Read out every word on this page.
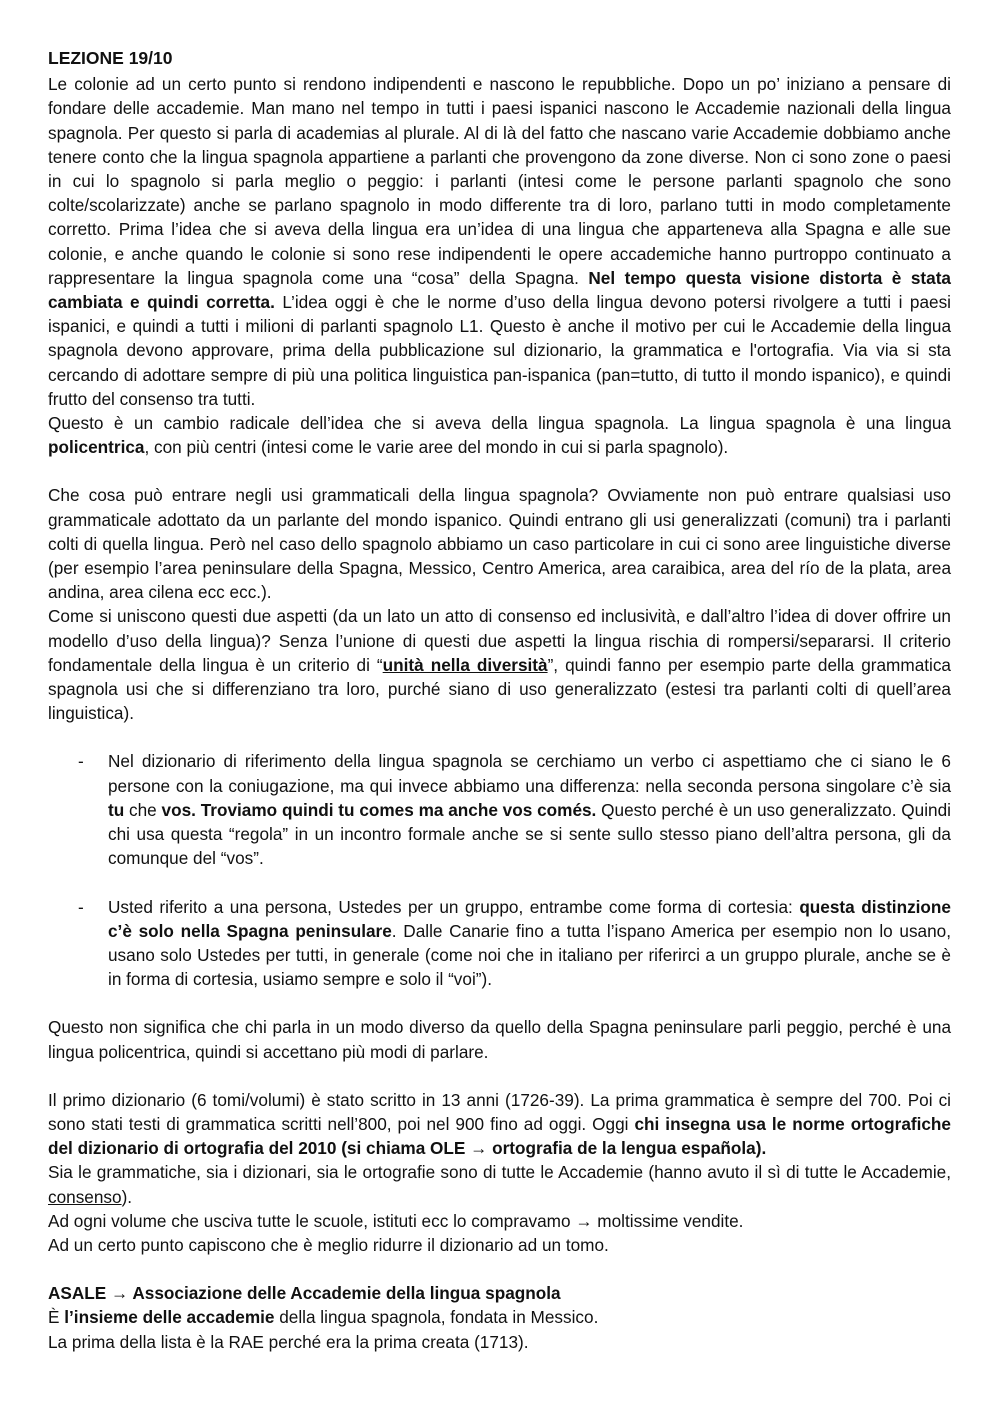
LEZIONE 19/10

Le colonie ad un certo punto si rendono indipendenti e nascono le repubbliche. Dopo un po’ iniziano a pensare di fondare delle accademie. Man mano nel tempo in tutti i paesi ispanici nascono le Accademie nazionali della lingua spagnola. Per questo si parla di academias al plurale. Al di là del fatto che nascano varie Accademie dobbiamo anche tenere conto che la lingua spagnola appartiene a parlanti che provengono da zone diverse. Non ci sono zone o paesi in cui lo spagnolo si parla meglio o peggio: i parlanti (intesi come le persone parlanti spagnolo che sono colte/scolarizzate) anche se parlano spagnolo in modo differente tra di loro, parlano tutti in modo completamente corretto. Prima l’idea che si aveva della lingua era un’idea di una lingua che apparteneva alla Spagna e alle sue colonie, e anche quando le colonie si sono rese indipendenti le opere accademiche hanno purtroppo continuato a rappresentare la lingua spagnola come una “cosa” della Spagna. Nel tempo questa visione distorta è stata cambiata e quindi corretta. L’idea oggi è che le norme d’uso della lingua devono potersi rivolgere a tutti i paesi ispanici, e quindi a tutti i milioni di parlanti spagnolo L1. Questo è anche il motivo per cui le Accademie della lingua spagnola devono approvare, prima della pubblicazione sul dizionario, la grammatica e l'ortografia. Via via si sta cercando di adottare sempre di più una politica linguistica pan-ispanica (pan=tutto, di tutto il mondo ispanico), e quindi frutto del consenso tra tutti.

Questo è un cambio radicale dell’idea che si aveva della lingua spagnola. La lingua spagnola è una lingua policentrica, con più centri (intesi come le varie aree del mondo in cui si parla spagnolo).

Che cosa può entrare negli usi grammaticali della lingua spagnola? Ovviamente non può entrare qualsiasi uso grammaticale adottato da un parlante del mondo ispanico. Quindi entrano gli usi generalizzati (comuni) tra i parlanti colti di quella lingua. Però nel caso dello spagnolo abbiamo un caso particolare in cui ci sono aree linguistiche diverse (per esempio l’area peninsulare della Spagna, Messico, Centro America, area caraibica, area del río de la plata, area andina, area cilena ecc ecc.).

Come si uniscono questi due aspetti (da un lato un atto di consenso ed inclusività, e dall’altro l’idea di dover offrire un modello d’uso della lingua)? Senza l’unione di questi due aspetti la lingua rischia di rompersi/separarsi. Il criterio fondamentale della lingua è un criterio di “unità nella diversità”, quindi fanno per esempio parte della grammatica spagnola usi che si differenziano tra loro, purché siano di uso generalizzato (estesi tra parlanti colti di quell’area linguistica).

- Nel dizionario di riferimento della lingua spagnola se cerchiamo un verbo ci aspettiamo che ci siano le 6 persone con la coniugazione, ma qui invece abbiamo una differenza: nella seconda persona singolare c’è sia tu che vos. Troviamo quindi tu comes ma anche vos comés. Questo perché è un uso generalizzato. Quindi chi usa questa “regola” in un incontro formale anche se si sente sullo stesso piano dell’altra persona, gli da comunque del “vos”.
- Usted riferito a una persona, Ustedes per un gruppo, entrambe come forma di cortesia: questa distinzione c’è solo nella Spagna peninsulare. Dalle Canarie fino a tutta l’ispano America per esempio non lo usano, usano solo Ustedes per tutti, in generale (come noi che in italiano per riferirci a un gruppo plurale, anche se è in forma di cortesia, usiamo sempre e solo il “voi”).

Questo non significa che chi parla in un modo diverso da quello della Spagna peninsulare parli peggio, perché è una lingua policentrica, quindi si accettano più modi di parlare.

Il primo dizionario (6 tomi/volumi) è stato scritto in 13 anni (1726-39). La prima grammatica è sempre del 700. Poi ci sono stati testi di grammatica scritti nell’800, poi nel 900 fino ad oggi. Oggi chi insegna usa le norme ortografiche del dizionario di ortografia del 2010 (si chiama OLE → ortografia de la lengua española).

Sia le grammatiche, sia i dizionari, sia le ortografie sono di tutte le Accademie (hanno avuto il sì di tutte le Accademie, consenso).

Ad ogni volume che usciva tutte le scuole, istituti ecc lo compravamo → moltissime vendite.

Ad un certo punto capiscono che è meglio ridurre il dizionario ad un tomo.

ASALE → Associazione delle Accademie della lingua spagnola

È l’insieme delle accademie della lingua spagnola, fondata in Messico.

La prima della lista è la RAE perché era la prima creata (1713).
